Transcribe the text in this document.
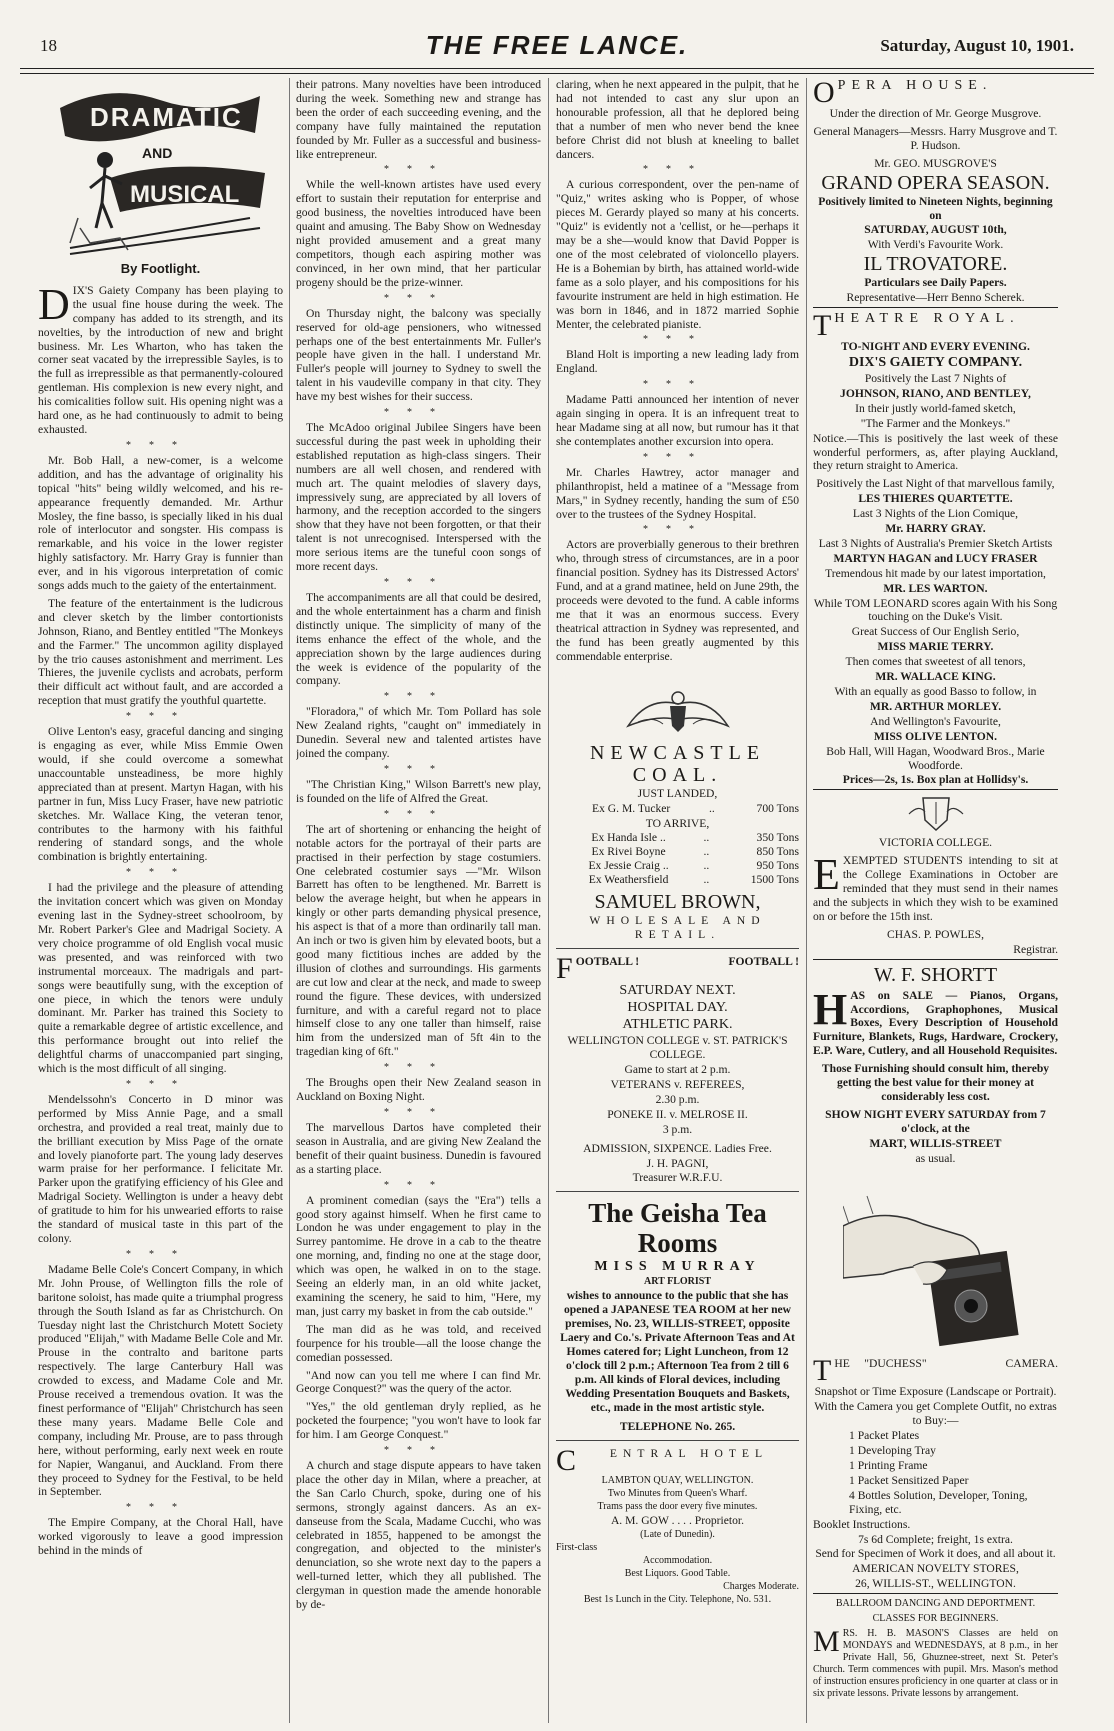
18	THE FREE LANCE.	Saturday, August 10, 1901.
DRAMATIC
AND
MUSICAL
By Footlight.

DIX'S Gaiety Company has been playing to the usual fine house during the week. The company has added to its strength, and its novelties, by the introduction of new and bright business. Mr. Les Wharton, who has taken the corner seat vacated by the irrepressible Sayles, is to the full as irrepressible as that permanently-coloured gentleman. His complexion is new every night, and his comicalities follow suit. His opening night was a hard one, as he had continuously to admit to being exhausted.

***

Mr. Bob Hall, a new-comer, is a welcome addition, and has the advantage of originality his topical "hits" being wildly welcomed, and his re-appearance frequently demanded. Mr. Arthur Mosley, the fine basso, is specially liked in his dual role of interlocutor and songster. His compass is remarkable, and his voice in the lower register highly satisfactory. Mr. Harry Gray is funnier than ever, and in his vigorous interpretation of comic songs adds much to the gaiety of the entertainment.

The feature of the entertainment is the ludicrous and clever sketch by the limber contortionists Johnson, Riano, and Bentley entitled "The Monkeys and the Farmer." The uncommon agility displayed by the trio causes astonishment and merriment. Les Thieres, the juvenile cyclists and acrobats, perform their difficult act without fault, and are accorded a reception that must gratify the youthful quartette.

***

Olive Lenton's easy, graceful dancing and singing is engaging as ever, while Miss Emmie Owen would, if she could overcome a somewhat unaccountable unsteadiness, be more highly appreciated than at present. Martyn Hagan, with his partner in fun, Miss Lucy Fraser, have new patriotic sketches. Mr. Wallace King, the veteran tenor, contributes to the harmony with his faithful rendering of standard songs, and the whole combination is brightly entertaining.

***

I had the privilege and the pleasure of attending the invitation concert which was given on Monday evening last in the Sydney-street schoolroom, by Mr. Robert Parker's Glee and Madrigal Society. A very choice programme of old English vocal music was presented, and was reinforced with two instrumental morceaux. The madrigals and part-songs were beautifully sung, with the exception of one piece, in which the tenors were unduly dominant. Mr. Parker has trained this Society to quite a remarkable degree of artistic excellence, and this performance brought out into relief the delightful charms of unaccompanied part singing, which is the most difficult of all singing.

***

Mendelssohn's Concerto in D minor was performed by Miss Annie Page, and a small orchestra, and provided a real treat, mainly due to the brilliant execution by Miss Page of the ornate and lovely pianoforte part. The young lady deserves warm praise for her performance. I felicitate Mr. Parker upon the gratifying efficiency of his Glee and Madrigal Society. Wellington is under a heavy debt of gratitude to him for his unwearied efforts to raise the standard of musical taste in this part of the colony.

***

Madame Belle Cole's Concert Company, in which Mr. John Prouse, of Wellington fills the role of baritone soloist, has made quite a triumphal progress through the South Island as far as Christchurch. On Tuesday night last the Christchurch Motett Society produced "Elijah," with Madame Belle Cole and Mr. Prouse in the contralto and baritone parts respectively. The large Canterbury Hall was crowded to excess, and Madame Cole and Mr. Prouse received a tremendous ovation. It was the finest performance of "Elijah" Christchurch has seen these many years. Madame Belle Cole and company, including Mr. Prouse, are to pass through here, without performing, early next week en route for Napier, Wanganui, and Auckland. From there they proceed to Sydney for the Festival, to be held in September.

***

The Empire Company, at the Choral Hall, have worked vigorously to leave a good impression behind in the minds of

their patrons. Many novelties have been introduced during the week. Something new and strange has been the order of each succeeding evening, and the company have fully maintained the reputation founded by Mr. Fuller as a successful and business-like entrepreneur.

***

While the well-known artistes have used every effort to sustain their reputation for enterprise and good business, the novelties introduced have been quaint and amusing. The Baby Show on Wednesday night provided amusement and a great many competitors, though each aspiring mother was convinced, in her own mind, that her particular progeny should be the prize-winner.

***

On Thursday night, the balcony was specially reserved for old-age pensioners, who witnessed perhaps one of the best entertainments Mr. Fuller's people have given in the hall. I understand Mr. Fuller's people will journey to Sydney to swell the talent in his vaudeville company in that city. They have my best wishes for their success.

***

The McAdoo original Jubilee Singers have been successful during the past week in upholding their established reputation as high-class singers. Their numbers are all well chosen, and rendered with much art. The quaint melodies of slavery days, impressively sung, are appreciated by all lovers of harmony, and the reception accorded to the singers show that they have not been forgotten, or that their talent is not unrecognised. Interspersed with the more serious items are the tuneful coon songs of more recent days.

***

The accompaniments are all that could be desired, and the whole entertainment has a charm and finish distinctly unique. The simplicity of many of the items enhance the effect of the whole, and the appreciation shown by the large audiences during the week is evidence of the popularity of the company.

***

"Floradora," of which Mr. Tom Pollard has sole New Zealand rights, "caught on" immediately in Dunedin. Several new and talented artistes have joined the company.

***

"The Christian King," Wilson Barrett's new play, is founded on the life of Alfred the Great.

***

The art of shortening or enhancing the height of notable actors for the portrayal of their parts are practised in their perfection by stage costumiers. One celebrated costumier says —"Mr. Wilson Barrett has often to be lengthened. Mr. Barrett is below the average height, but when he appears in kingly or other parts demanding physical presence, his aspect is that of a more than ordinarily tall man. An inch or two is given him by elevated boots, but a good many fictitious inches are added by the illusion of clothes and surroundings. His garments are cut low and clear at the neck, and made to sweep round the figure. These devices, with undersized furniture, and with a careful regard not to place himself close to any one taller than himself, raise him from the undersized man of 5ft 4in to the tragedian king of 6ft."

***

The Broughs open their New Zealand season in Auckland on Boxing Night.

***

The marvellous Dartos have completed their season in Australia, and are giving New Zealand the benefit of their quaint business. Dunedin is favoured as a starting place.

***

A prominent comedian (says the "Era") tells a good story against himself. When he first came to London he was under engagement to play in the Surrey pantomime. He drove in a cab to the theatre one morning, and, finding no one at the stage door, which was open, he walked in on to the stage. Seeing an elderly man, in an old white jacket, examining the scenery, he said to him, "Here, my man, just carry my basket in from the cab outside."

The man did as he was told, and received fourpence for his trouble—all the loose change the comedian possessed.

"And now can you tell me where I can find Mr. George Conquest?" was the query of the actor.

"Yes," the old gentleman dryly replied, as he pocketed the fourpence; "you won't have to look far for him. I am George Conquest."

***

A church and stage dispute appears to have taken place the other day in Milan, where a preacher, at the San Carlo Church, spoke, during one of his sermons, strongly against dancers. As an ex-danseuse from the Scala, Madame Cucchi, who was celebrated in 1855, happened to be amongst the congregation, and objected to the minister's denunciation, so she wrote next day to the papers a well-turned letter, which they all published. The clergyman in question made the amende honorable by de-

claring, when he next appeared in the pulpit, that he had not intended to cast any slur upon an honourable profession, all that he deplored being that a number of men who never bend the knee before Christ did not blush at kneeling to ballet dancers.

***

A curious correspondent, over the pen-name of "Quiz," writes asking who is Popper, of whose pieces M. Gerardy played so many at his concerts. "Quiz" is evidently not a 'cellist, or he—perhaps it may be a she—would know that David Popper is one of the most celebrated of violoncello players. He is a Bohemian by birth, has attained world-wide fame as a solo player, and his compositions for his favourite instrument are held in high estimation. He was born in 1846, and in 1872 married Sophie Menter, the celebrated pianiste.

***

Bland Holt is importing a new leading lady from England.

***

Madame Patti announced her intention of never again singing in opera. It is an infrequent treat to hear Madame sing at all now, but rumour has it that she contemplates another excursion into opera.

***

Mr. Charles Hawtrey, actor manager and philanthropist, held a matinee of a "Message from Mars," in Sydney recently, handing the sum of £50 over to the trustees of the Sydney Hospital.

***

Actors are proverbially generous to their brethren who, through stress of circumstances, are in a poor financial position. Sydney has its Distressed Actors' Fund, and at a grand matinee, held on June 29th, the proceeds were devoted to the fund. A cable informs me that it was an enormous success. Every theatrical attraction in Sydney was represented, and the fund has been greatly augmented by this commendable enterprise.

NEWCASTLE COAL.
JUST LANDED,
Ex G. M. Tucker	..	700 Tons
TO ARRIVE,
Ex Handa Isle ..	..	350 Tons
Ex Rivei Boyne	..	850 Tons
Ex Jessie Craig ..	..	950 Tons
Ex Weathersfield	..	1500 Tons
SAMUEL BROWN,
WHOLESALE AND RETAIL.
F OOTBALL !	FOOTBALL !
SATURDAY NEXT.
HOSPITAL DAY.
ATHLETIC PARK.
WELLINGTON COLLEGE v. ST. PATRICK'S COLLEGE.
Game to start at 2 p.m.
VETERANS v. REFEREES,
2.30 p.m.
PONEKE II. v. MELROSE II.
3 p.m.
ADMISSION, SIXPENCE. Ladies Free.
J. H. PAGNI,
Treasurer W.R.F.U.
The Geisha Tea Rooms
MISS MURRAY
ART FLORIST

wishes to announce to the public that she has opened a JAPANESE TEA ROOM at her new premises, No. 23, WILLIS-STREET, opposite Laery and Co.'s. Private Afternoon Teas and At Homes catered for; Light Luncheon, from 12 o'clock till 2 p.m.; Afternoon Tea from 2 till 6 p.m. All kinds of Floral devices, including Wedding Presentation Bouquets and Baskets, etc., made in the most artistic style.

TELEPHONE No. 265.
C	ENTRAL HOTEL
LAMBTON QUAY, WELLINGTON.
Two Minutes from Queen's Wharf.
Trams pass the door every five minutes.
A. M. GOW . . . . Proprietor.
(Late of Dunedin).
First-class
Accommodation.
Best Liquors. Good Table.
Charges Moderate.
Best 1s Lunch in the City. Telephone, No. 531.
O PERA HOUSE.
Under the direction of Mr. George Musgrove.
General Managers—Messrs. Harry Musgrove and T. P. Hudson.
Mr. GEO. MUSGROVE'S
GRAND OPERA SEASON.
Positively limited to Nineteen Nights, beginning on
SATURDAY, AUGUST 10th,
With Verdi's Favourite Work.
IL TROVATORE.
Particulars see Daily Papers.
Representative—Herr Benno Scherek.
T HEATRE ROYAL.
TO-NIGHT AND EVERY EVENING.
DIX'S GAIETY COMPANY.
Positively the Last 7 Nights of
JOHNSON, RIANO, AND BENTLEY,
In their justly world-famed sketch,
"The Farmer and the Monkeys."

Notice.—This is positively the last week of these wonderful performers, as, after playing Auckland, they return straight to America.

Positively the Last Night of that marvellous family,
LES THIERES QUARTETTE.
Last 3 Nights of the Lion Comique,
Mr. HARRY GRAY.
Last 3 Nights of Australia's Premier Sketch Artists
MARTYN HAGAN and LUCY FRASER
Tremendous hit made by our latest importation,
MR. LES WARTON.
While TOM LEONARD scores again With his Song touching on the Duke's Visit.
Great Success of Our English Serio,
MISS MARIE TERRY.
Then comes that sweetest of all tenors,
MR. WALLACE KING.
With an equally as good Basso to follow, in
MR. ARTHUR MORLEY.
And Wellington's Favourite,
MISS OLIVE LENTON.
Bob Hall, Will Hagan, Woodward Bros., Marie Woodforde.
Prices—2s, 1s. Box plan at Hollidsy's.
VICTORIA COLLEGE.

EXEMPTED STUDENTS intending to sit at the College Examinations in October are reminded that they must send in their names and the subjects in which they wish to be examined on or before the 15th inst.

CHAS. P. POWLES,
Registrar.
W. F. SHORTT

HAS on SALE — Pianos, Organs, Accordions, Graphophones, Musical Boxes, Every Description of Household Furniture, Blankets, Rugs, Hardware, Crockery, E.P. Ware, Cutlery, and all Household Requisites.

Those Furnishing should consult him, thereby getting the best value for their money at considerably less cost.

SHOW NIGHT EVERY SATURDAY from 7 o'clock, at the
MART, WILLIS-STREET
as usual.
T HE "DUCHESS"	CAMERA.
Snapshot or Time Exposure (Landscape or Portrait).
With the Camera you get Complete Outfit, no extras to Buy:—
1 Packet Plates
1 Developing Tray
1 Printing Frame
1 Packet Sensitized Paper
4 Bottles Solution, Developer, Toning, Fixing, etc.
Booklet Instructions.
7s 6d Complete; freight, 1s extra.
Send for Specimen of Work it does, and all about it.
AMERICAN NOVELTY STORES,
26, WILLIS-ST., WELLINGTON.
BALLROOM DANCING AND DEPORTMENT.
CLASSES FOR BEGINNERS.

MRS. H. B. MASON'S Classes are held on MONDAYS and WEDNESDAYS, at 8 p.m., in her Private Hall, 56, Ghuznee-street, next St. Peter's Church. Term commences with pupil. Mrs. Mason's method of instruction ensures proficiency in one quarter at class or in six private lessons. Private lessons by arrangement.
